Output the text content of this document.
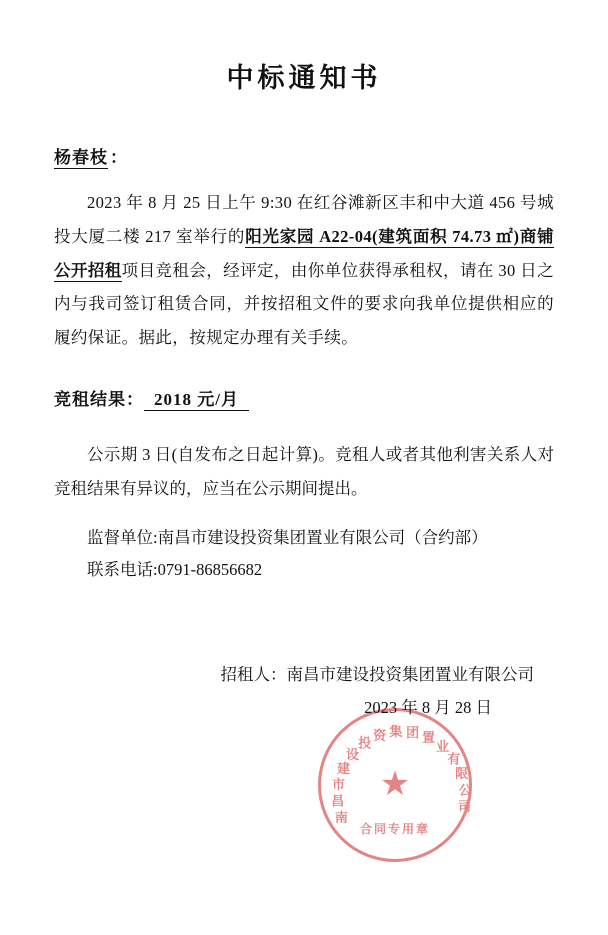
中标通知书
杨春枝 ：
2023 年 8 月 25 日上午 9:30 在红谷滩新区丰和中大道 456 号城投大厦二楼 217 室举行的阳光家园 A22-04(建筑面积 74.73 ㎡)商铺公开招租项目竞租会，经评定，由你单位获得承租权，请在 30 日之内与我司签订租赁合同，并按招租文件的要求向我单位提供相应的履约保证。据此，按规定办理有关手续。
竞租结果： 2018 元/月
公示期 3 日(自发布之日起计算)。竞租人或者其他利害关系人对竞租结果有异议的，应当在公示期间提出。
监督单位:南昌市建设投资集团置业有限公司（合约部）
联系电话:0791-86856682
南
昌
市
建
设
投
资 集 团 置
业
有
限
公
司
★
合同专用章
招租人：南昌市建设投资集团置业有限公司
2023 年 8 月 28 日
